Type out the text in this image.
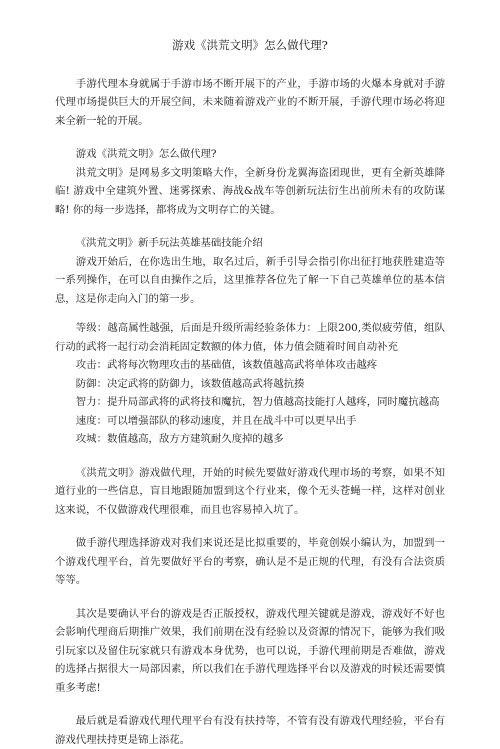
游戏《洪荒文明》怎么做代理?

手游代理本身就属于手游市场不断开展下的产业，手游市场的火爆本身就对手游代理市场提供巨大的开展空间，未来随着游戏产业的不断开展，手游代理市场必将迎来全新一轮的开展。

游戏《洪荒文明》怎么做代理?

洪荒文明》是网易多文明策略大作，全新身份龙翼海盗团现世，更有全新英雄降临! 游戏中全建筑外置、迷雾探索、海战&战车等创新玩法衍生出前所未有的攻防谋略! 你的每一步选择，都将成为文明存亡的关键。

《洪荒文明》新手玩法英雄基础技能介绍

游戏开始后，在你选出生地，取名过后，新手引导会指引你出征打地获胜建造等一系列操作，在可以自由操作之后，这里推荐各位先了解一下自己英雄单位的基本信息，这是你走向入门的第一步。

等级：越高属性越强，后面是升级所需经验条体力：上限200,类似疲劳值，组队行动的武将一起行动会消耗固定数额的体力值，体力值会随着时间自动补充

攻击：武将每次物理攻击的基础值，该数值越高武将单体攻击越疼

防御：决定武将的防御力，该数值越高武将越抗揍

智力：提升局部武将的武将技和魔抗，智力值越高技能打人越疼，同时魔抗越高

速度：可以增强部队的移动速度，并且在战斗中可以更早出手

攻城：数值越高，敌方方建筑耐久度掉的越多

《洪荒文明》游戏做代理，开始的时候先要做好游戏代理市场的考察，如果不知道行业的一些信息，盲目地跟随加盟到这个行业来，像个无头苍蝇一样，这样对创业这来说，不仅做游戏代理很难，而且也容易掉入坑了。

做手游代理选择游戏对我们来说还是比拟重要的，毕竟创娱小编认为，加盟到一个游戏代理平台，首先要做好平台的考察，确认是不是正规的代理，有没有合法资质等等。

其次是要确认平台的游戏是否正版授权，游戏代理关键就是游戏，游戏好不好也会影响代理商后期推广效果，我们前期在没有经验以及资源的情况下，能够为我们吸引玩家以及留住玩家就只有游戏本身优势，也可以说，手游代理前期是否难做，游戏的选择占据很大一局部因素，所以我们在手游代理选择平台以及游戏的时候还需要慎重多考虑!

最后就是看游戏代理代理平台有没有扶持等，不管有没有游戏代理经验，平台有游戏代理扶持更是锦上添花。
